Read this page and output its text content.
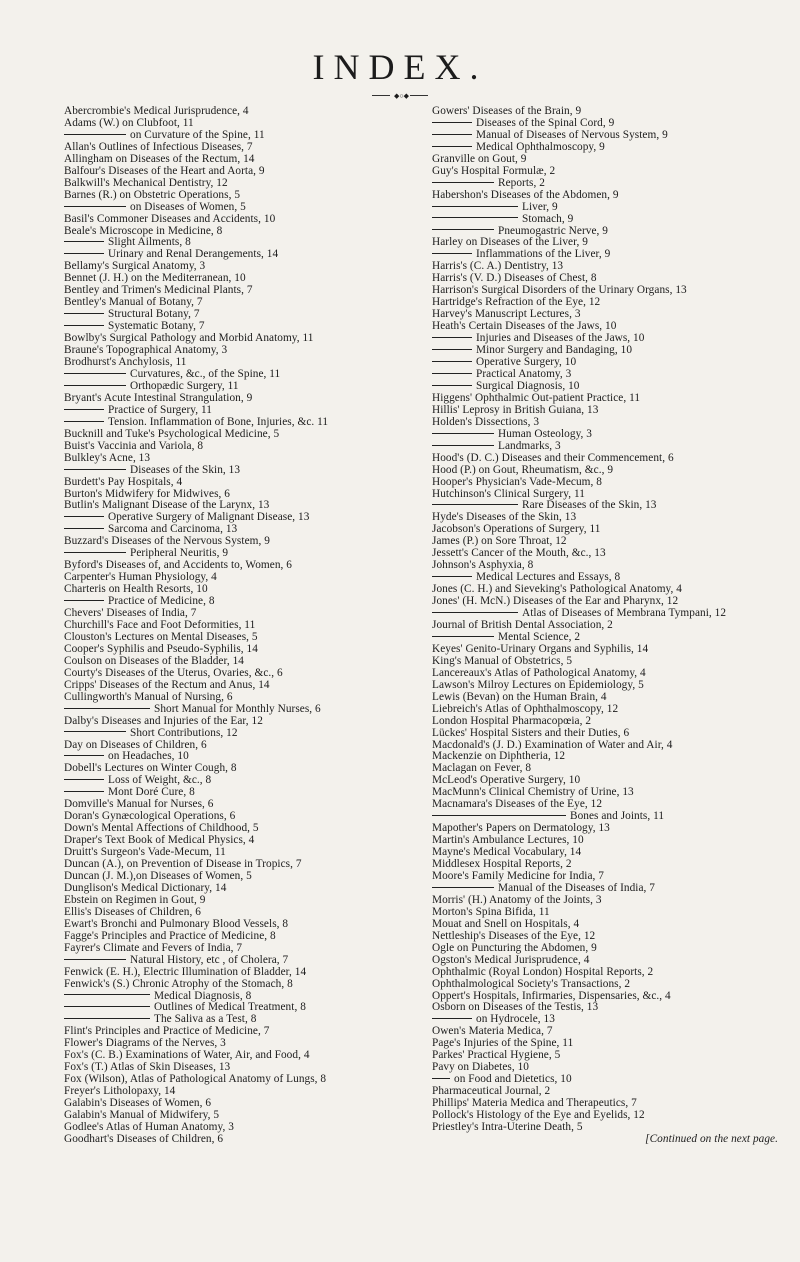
INDEX.
◆○◆
Abercrombie's Medical Jurisprudence, 4
Adams (W.) on Clubfoot, 11
on Curvature of the Spine, 11
Allan's Outlines of Infectious Diseases, 7
Allingham on Diseases of the Rectum, 14
Balfour's Diseases of the Heart and Aorta, 9
Balkwill's Mechanical Dentistry, 12
Barnes (R.) on Obstetric Operations, 5
on Diseases of Women, 5
Basil's Commoner Diseases and Accidents, 10
Beale's Microscope in Medicine, 8
Slight Ailments, 8
Urinary and Renal Derangements, 14
Bellamy's Surgical Anatomy, 3
Bennet (J. H.) on the Mediterranean, 10
Bentley and Trimen's Medicinal Plants, 7
Bentley's Manual of Botany, 7
Structural Botany, 7
Systematic Botany, 7
Bowlby's Surgical Pathology and Morbid Anatomy, 11
Braune's Topographical Anatomy, 3
Brodhurst's Anchylosis, 11
Curvatures, &c., of the Spine, 11
Orthopædic Surgery, 11
Bryant's Acute Intestinal Strangulation, 9
Practice of Surgery, 11
Tension. Inflammation of Bone, Injuries, &c. 11
Bucknill and Tuke's Psychological Medicine, 5
Buist's Vaccinia and Variola, 8
Bulkley's Acne, 13
Diseases of the Skin, 13
Burdett's Pay Hospitals, 4
Burton's Midwifery for Midwives, 6
Butlin's Malignant Disease of the Larynx, 13
Operative Surgery of Malignant Disease, 13
Sarcoma and Carcinoma, 13
Buzzard's Diseases of the Nervous System, 9
Peripheral Neuritis, 9
Byford's Diseases of, and Accidents to, Women, 6
Carpenter's Human Physiology, 4
Charteris on Health Resorts, 10
Practice of Medicine, 8
Chevers' Diseases of India, 7
Churchill's Face and Foot Deformities, 11
Clouston's Lectures on Mental Diseases, 5
Cooper's Syphilis and Pseudo-Syphilis, 14
Coulson on Diseases of the Bladder, 14
Courty's Diseases of the Uterus, Ovaries, &c., 6
Cripps' Diseases of the Rectum and Anus, 14
Cullingworth's Manual of Nursing, 6
Short Manual for Monthly Nurses, 6
Dalby's Diseases and Injuries of the Ear, 12
Short Contributions, 12
Day on Diseases of Children, 6
on Headaches, 10
Dobell's Lectures on Winter Cough, 8
Loss of Weight, &c., 8
Mont Doré Cure, 8
Domville's Manual for Nurses, 6
Doran's Gynæcological Operations, 6
Down's Mental Affections of Childhood, 5
Draper's Text Book of Medical Physics, 4
Druitt's Surgeon's Vade-Mecum, 11
Duncan (A.), on Prevention of Disease in Tropics, 7
Duncan (J. M.),on Diseases of Women, 5
Dunglison's Medical Dictionary, 14
Ebstein on Regimen in Gout, 9
Ellis's Diseases of Children, 6
Ewart's Bronchi and Pulmonary Blood Vessels, 8
Fagge's Principles and Practice of Medicine, 8
Fayrer's Climate and Fevers of India, 7
Natural History, etc , of Cholera, 7
Fenwick (E. H.), Electric Illumination of Bladder, 14
Fenwick's (S.) Chronic Atrophy of the Stomach, 8
Medical Diagnosis, 8
Outlines of Medical Treatment, 8
The Saliva as a Test, 8
Flint's Principles and Practice of Medicine, 7
Flower's Diagrams of the Nerves, 3
Fox's (C. B.) Examinations of Water, Air, and Food, 4
Fox's (T.) Atlas of Skin Diseases, 13
Fox (Wilson), Atlas of Pathological Anatomy of Lungs, 8
Freyer's Litholopaxy, 14
Galabin's Diseases of Women, 6
Galabin's Manual of Midwifery, 5
Godlee's Atlas of Human Anatomy, 3
Goodhart's Diseases of Children, 6
Gowers' Diseases of the Brain, 9
Diseases of the Spinal Cord, 9
Manual of Diseases of Nervous System, 9
Medical Ophthalmoscopy, 9
Granville on Gout, 9
Guy's Hospital Formulæ, 2
Reports, 2
Habershon's Diseases of the Abdomen, 9
Liver, 9
Stomach, 9
Pneumogastric Nerve, 9
Harley on Diseases of the Liver, 9
Inflammations of the Liver, 9
Harris's (C. A.) Dentistry, 13
Harris's (V. D.) Diseases of Chest, 8
Harrison's Surgical Disorders of the Urinary Organs, 13
Hartridge's Refraction of the Eye, 12
Harvey's Manuscript Lectures, 3
Heath's Certain Diseases of the Jaws, 10
Injuries and Diseases of the Jaws, 10
Minor Surgery and Bandaging, 10
Operative Surgery, 10
Practical Anatomy, 3
Surgical Diagnosis, 10
Higgens' Ophthalmic Out-patient Practice, 11
Hillis' Leprosy in British Guiana, 13
Holden's Dissections, 3
Human Osteology, 3
Landmarks, 3
Hood's (D. C.) Diseases and their Commencement, 6
Hood (P.) on Gout, Rheumatism, &c., 9
Hooper's Physician's Vade-Mecum, 8
Hutchinson's Clinical Surgery, 11
Rare Diseases of the Skin, 13
Hyde's Diseases of the Skin, 13
Jacobson's Operations of Surgery, 11
James (P.) on Sore Throat, 12
Jessett's Cancer of the Mouth, &c., 13
Johnson's Asphyxia, 8
Medical Lectures and Essays, 8
Jones (C. H.) and Sieveking's Pathological Anatomy, 4
Jones' (H. McN.) Diseases of the Ear and Pharynx, 12
Atlas of Diseases of Membrana Tympani, 12
Journal of British Dental Association, 2
Mental Science, 2
Keyes' Genito-Urinary Organs and Syphilis, 14
King's Manual of Obstetrics, 5
Lancereaux's Atlas of Pathological Anatomy, 4
Lawson's Milroy Lectures on Epidemiology, 5
Lewis (Bevan) on the Human Brain, 4
Liebreich's Atlas of Ophthalmoscopy, 12
London Hospital Pharmacopœia, 2
Lückes' Hospital Sisters and their Duties, 6
Macdonald's (J. D.) Examination of Water and Air, 4
Mackenzie on Diphtheria, 12
Maclagan on Fever, 8
McLeod's Operative Surgery, 10
MacMunn's Clinical Chemistry of Urine, 13
Macnamara's Diseases of the Eye, 12
Bones and Joints, 11
Mapother's Papers on Dermatology, 13
Martin's Ambulance Lectures, 10
Mayne's Medical Vocabulary, 14
Middlesex Hospital Reports, 2
Moore's Family Medicine for India, 7
Manual of the Diseases of India, 7
Morris' (H.) Anatomy of the Joints, 3
Morton's Spina Bifida, 11
Mouat and Snell on Hospitals, 4
Nettleship's Diseases of the Eye, 12
Ogle on Puncturing the Abdomen, 9
Ogston's Medical Jurisprudence, 4
Ophthalmic (Royal London) Hospital Reports, 2
Ophthalmological Society's Transactions, 2
Oppert's Hospitals, Infirmaries, Dispensaries, &c., 4
Osborn on Diseases of the Testis, 13
on Hydrocele, 13
Owen's Materia Medica, 7
Page's Injuries of the Spine, 11
Parkes' Practical Hygiene, 5
Pavy on Diabetes, 10
on Food and Dietetics, 10
Pharmaceutical Journal, 2
Phillips' Materia Medica and Therapeutics, 7
Pollock's Histology of the Eye and Eyelids, 12
Priestley's Intra-Uterine Death, 5
[Continued on the next page.
